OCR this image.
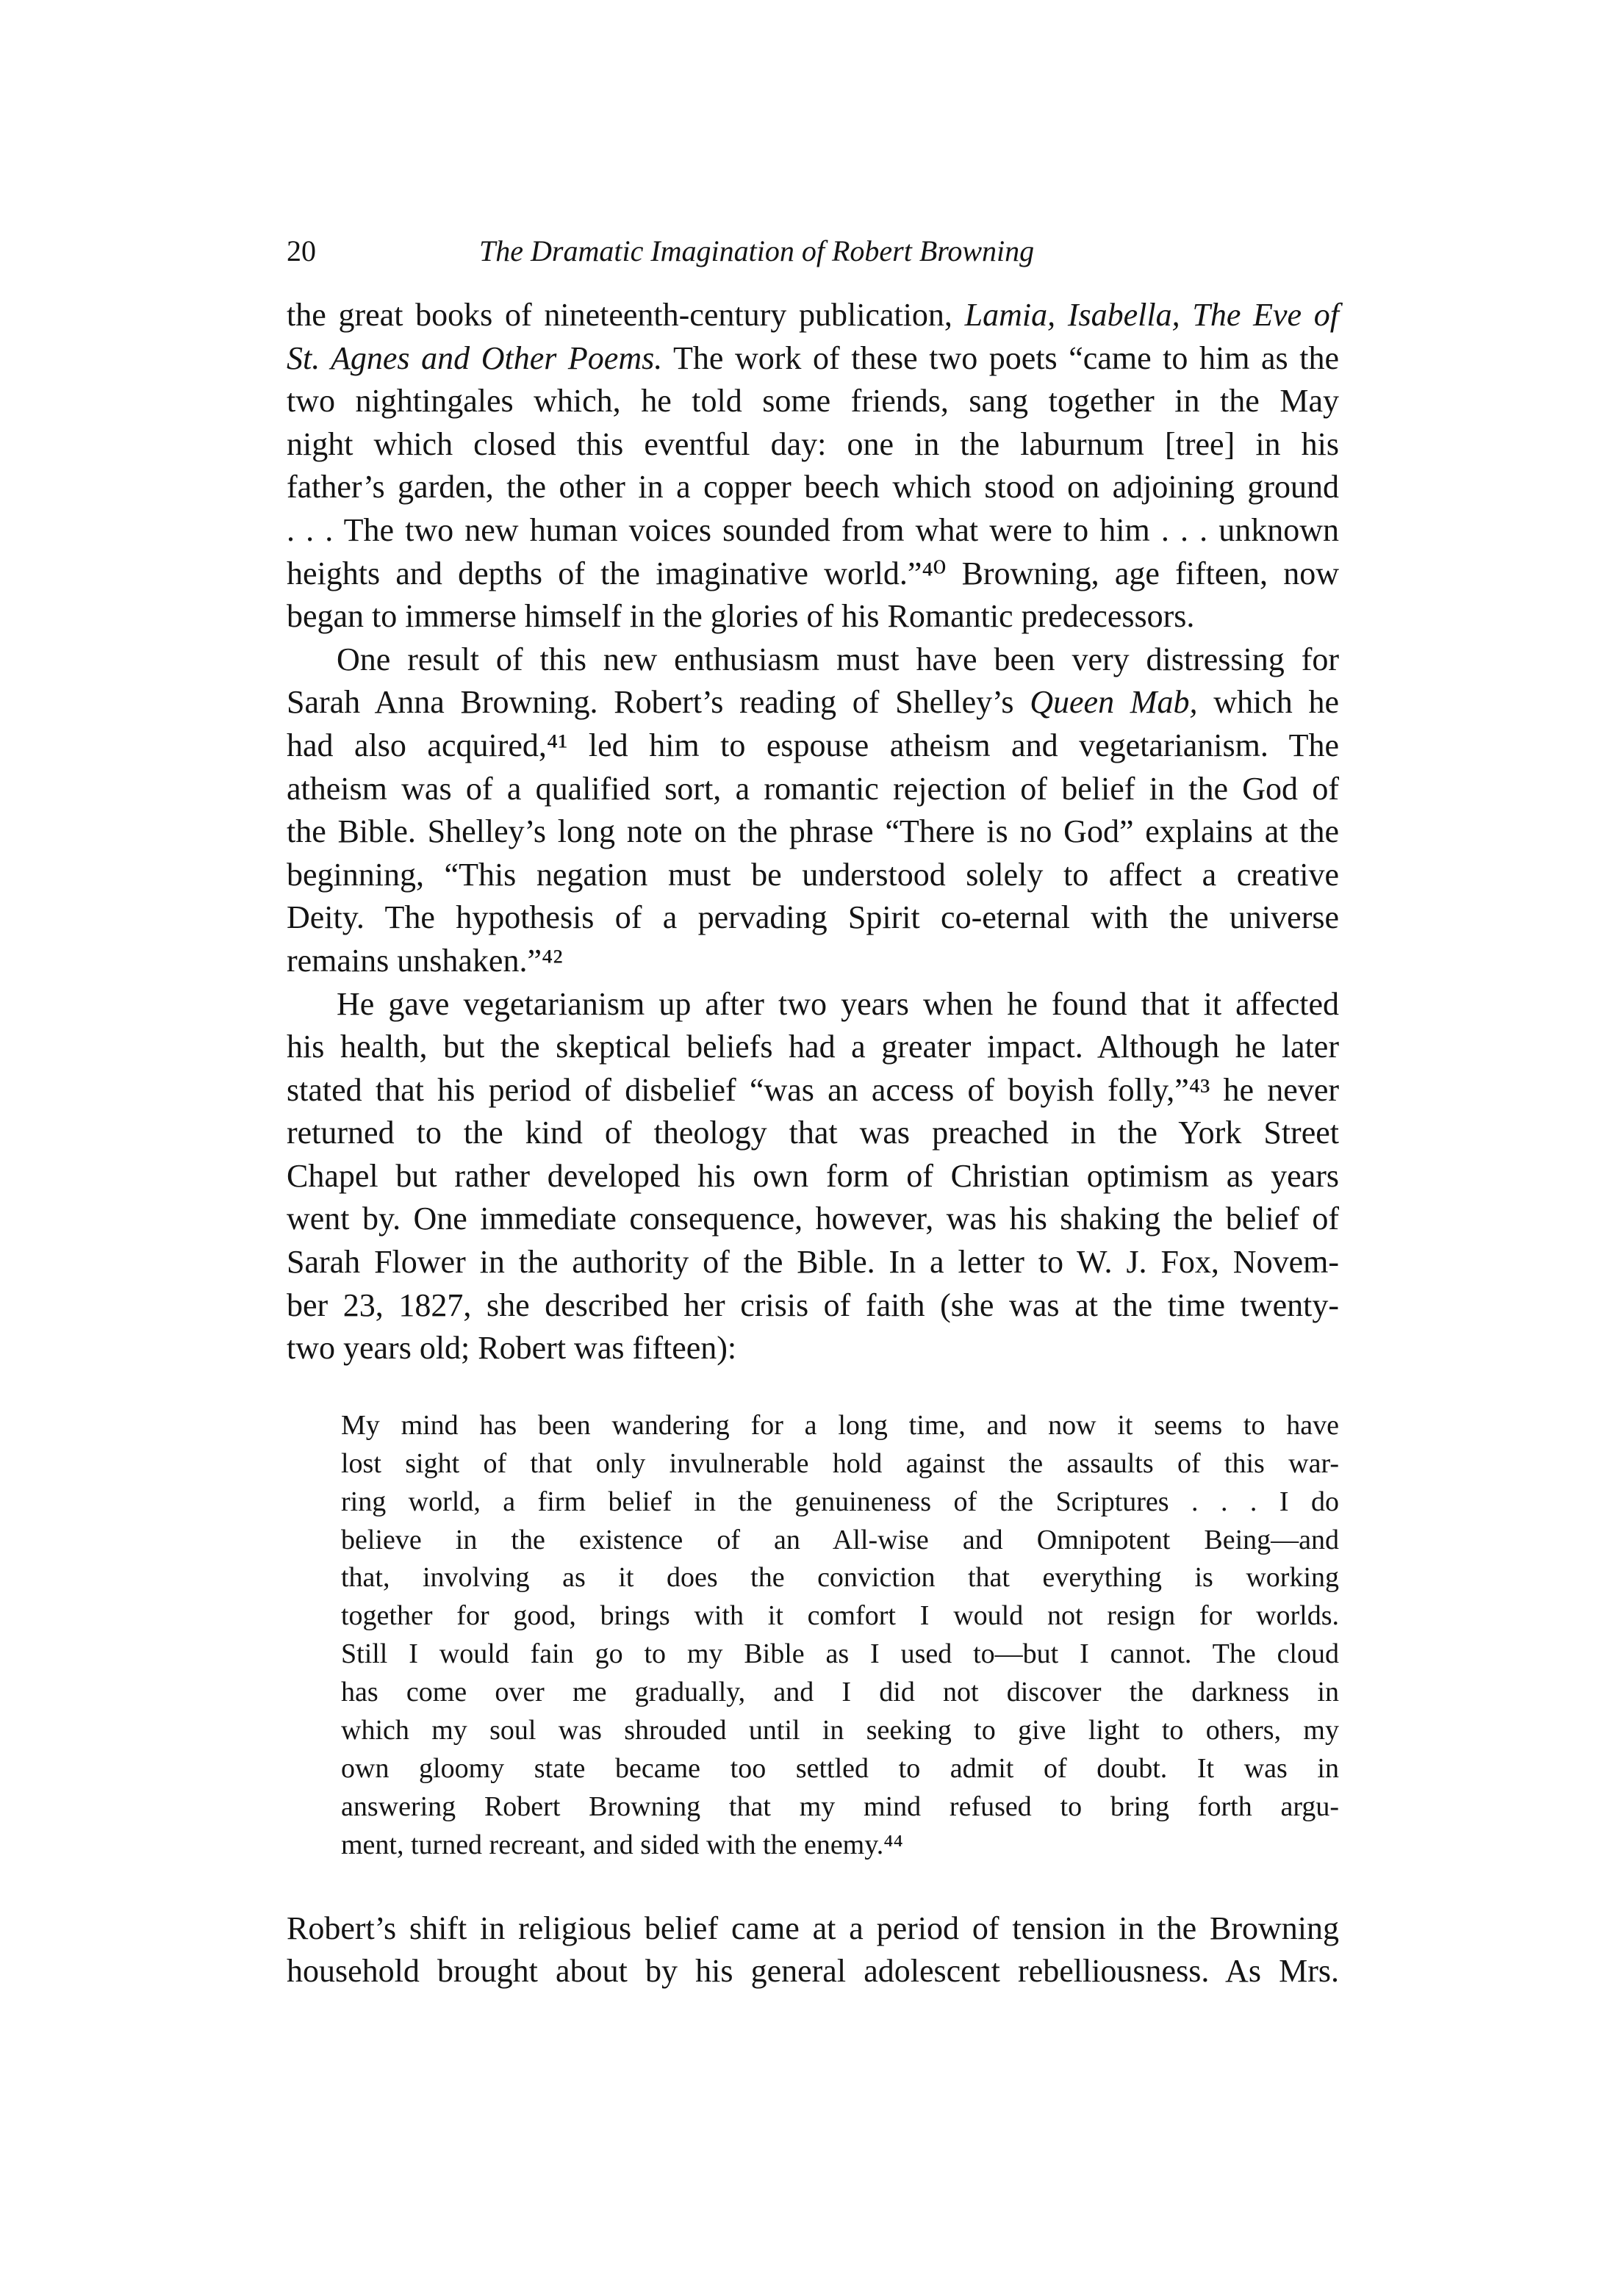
20	The Dramatic Imagination of Robert Browning
the great books of nineteenth-century publication, Lamia, Isabella, The Eve of
St. Agnes and Other Poems. The work of these two poets “came to him as the
two nightingales which, he told some friends, sang together in the May
night which closed this eventful day: one in the laburnum [tree] in his
father’s garden, the other in a copper beech which stood on adjoining ground
. . . The two new human voices sounded from what were to him . . . unknown
heights and depths of the imaginative world.”⁴⁰ Browning, age fifteen, now
began to immerse himself in the glories of his Romantic predecessors.
One result of this new enthusiasm must have been very distressing for
Sarah Anna Browning. Robert’s reading of Shelley’s Queen Mab, which he
had also acquired,⁴¹ led him to espouse atheism and vegetarianism. The
atheism was of a qualified sort, a romantic rejection of belief in the God of
the Bible. Shelley’s long note on the phrase “There is no God” explains at the
beginning, “This negation must be understood solely to affect a creative
Deity. The hypothesis of a pervading Spirit co-eternal with the universe
remains unshaken.”⁴²
He gave vegetarianism up after two years when he found that it affected
his health, but the skeptical beliefs had a greater impact. Although he later
stated that his period of disbelief “was an access of boyish folly,”⁴³ he never
returned to the kind of theology that was preached in the York Street
Chapel but rather developed his own form of Christian optimism as years
went by. One immediate consequence, however, was his shaking the belief of
Sarah Flower in the authority of the Bible. In a letter to W. J. Fox, Novem-
ber 23, 1827, she described her crisis of faith (she was at the time twenty-
two years old; Robert was fifteen):
My mind has been wandering for a long time, and now it seems to have
lost sight of that only invulnerable hold against the assaults of this war-
ring world, a firm belief in the genuineness of the Scriptures . . . I do
believe in the existence of an All-wise and Omnipotent Being—and
that, involving as it does the conviction that everything is working
together for good, brings with it comfort I would not resign for worlds.
Still I would fain go to my Bible as I used to—but I cannot. The cloud
has come over me gradually, and I did not discover the darkness in
which my soul was shrouded until in seeking to give light to others, my
own gloomy state became too settled to admit of doubt. It was in
answering Robert Browning that my mind refused to bring forth argu-
ment, turned recreant, and sided with the enemy.⁴⁴
Robert’s shift in religious belief came at a period of tension in the Browning
household brought about by his general adolescent rebelliousness. As Mrs.
